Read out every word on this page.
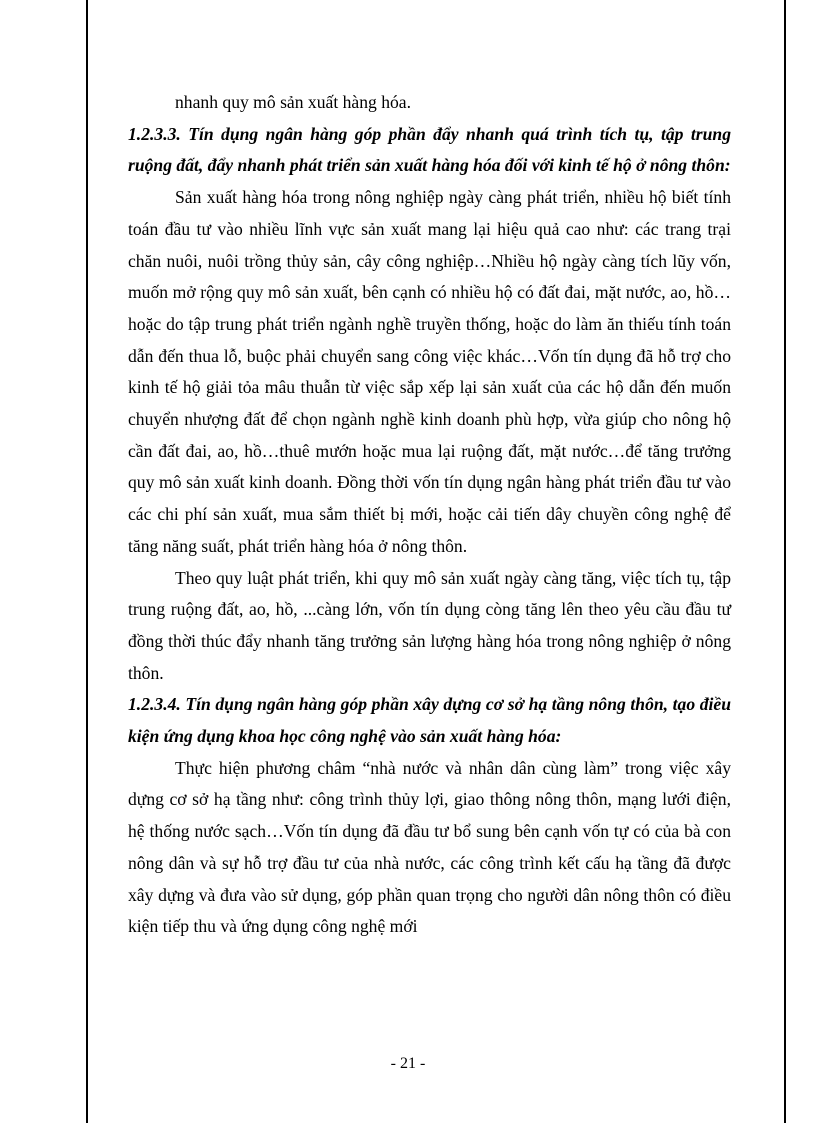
nhanh quy mô sản xuất hàng hóa.

1.2.3.3. Tín dụng ngân hàng góp phần đẩy nhanh quá trình tích tụ, tập trung ruộng đất, đẩy nhanh phát triển sản xuất hàng hóa đối với kinh tế hộ ở nông thôn:

Sản xuất hàng hóa trong nông nghiệp ngày càng phát triển, nhiều hộ biết tính toán đầu tư vào nhiều lĩnh vực sản xuất mang lại hiệu quả cao như: các trang trại chăn nuôi, nuôi trồng thủy sản, cây công nghiệp…Nhiều hộ ngày càng tích lũy vốn, muốn mở rộng quy mô sản xuất, bên cạnh có nhiều hộ có đất đai, mặt nước, ao, hồ…hoặc do tập trung phát triển ngành nghề truyền thống, hoặc do làm ăn thiếu tính toán dẫn đến thua lỗ, buộc phải chuyển sang công việc khác…Vốn tín dụng đã hỗ trợ cho kinh tế hộ giải tỏa mâu thuẫn từ việc sắp xếp lại sản xuất của các hộ dẫn đến muốn chuyển nhượng đất để chọn ngành nghề kinh doanh phù hợp, vừa giúp cho nông hộ cần đất đai, ao, hồ…thuê mướn hoặc mua lại ruộng đất, mặt nước…để tăng trưởng quy mô sản xuất kinh doanh. Đồng thời vốn tín dụng ngân hàng phát triển đầu tư vào các chi phí sản xuất, mua sắm thiết bị mới, hoặc cải tiến dây chuyền công nghệ để tăng năng suất, phát triển hàng hóa ở nông thôn.

Theo quy luật phát triển, khi quy mô sản xuất ngày càng tăng, việc tích tụ, tập trung ruộng đất, ao, hồ, ...càng lớn, vốn tín dụng còng tăng lên theo yêu cầu đầu tư đồng thời thúc đẩy nhanh tăng trưởng sản lượng hàng hóa trong nông nghiệp ở nông thôn.

1.2.3.4. Tín dụng ngân hàng góp phần xây dựng cơ sở hạ tầng nông thôn, tạo điều kiện ứng dụng khoa học công nghệ vào sản xuất hàng hóa:

Thực hiện phương châm “nhà nước và nhân dân cùng làm” trong việc xây dựng cơ sở hạ tầng như: công trình thủy lợi, giao thông nông thôn, mạng lưới điện, hệ thống nước sạch…Vốn tín dụng đã đầu tư bổ sung bên cạnh vốn tự có của bà con nông dân và sự hỗ trợ đầu tư của nhà nước, các công trình kết cấu hạ tầng đã được xây dựng và đưa vào sử dụng, góp phần quan trọng cho người dân nông thôn có điều kiện tiếp thu và ứng dụng công nghệ mới

- 21 -
